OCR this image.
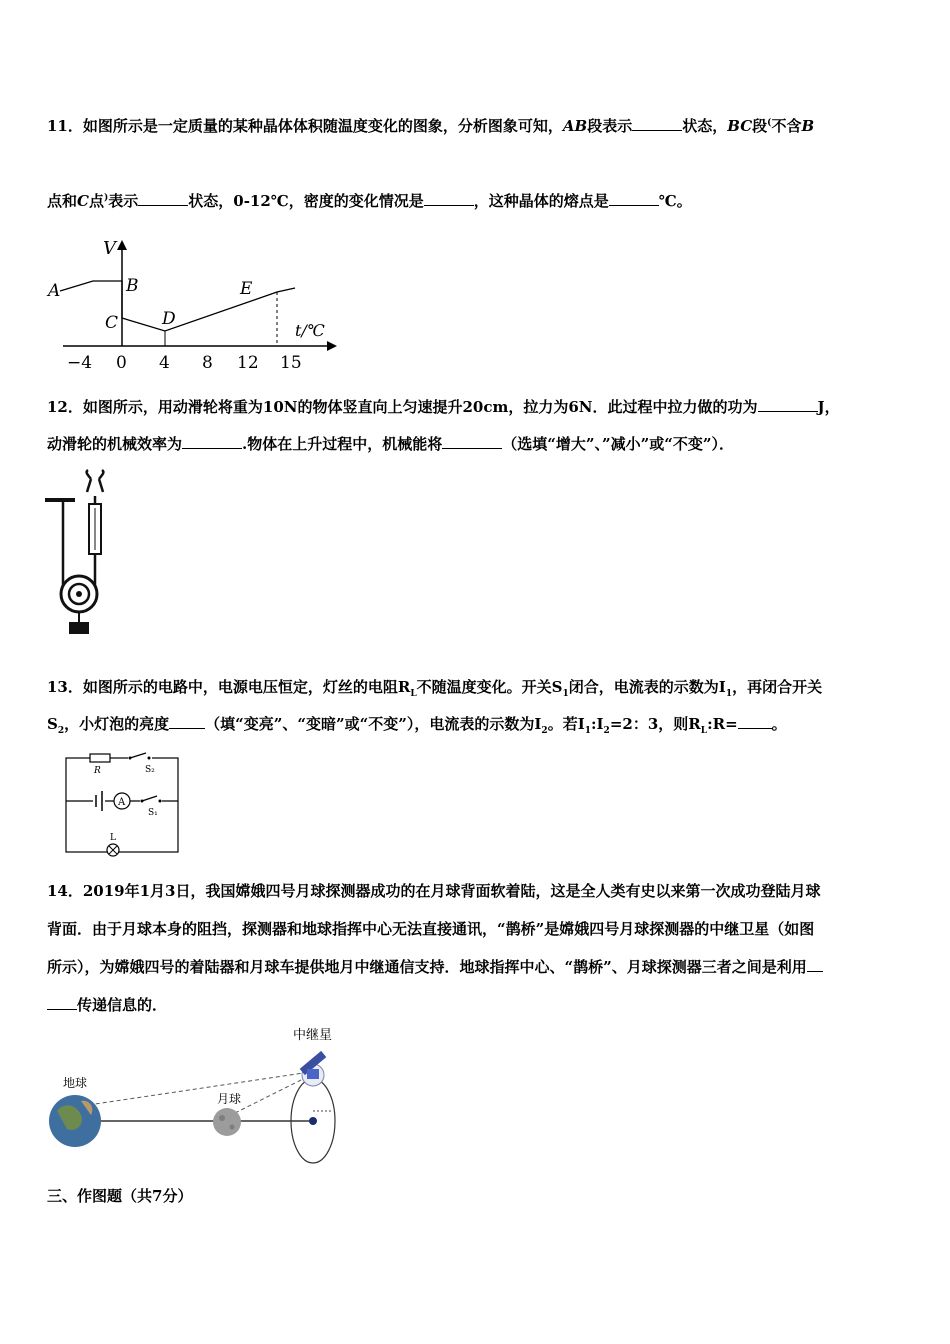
11．如图所示是一定质量的某种晶体体积随温度变化的图象，分析图象可知，AB段表示	状态，BC段(不含B
点和C点)表示	状态，0-12℃，密度的变化情况是	，这种晶体的熔点是	℃。
V
t/℃
A	B
C	D
E
−4 0 4 8 12 15
12．如图所示，用动滑轮将重为10N的物体竖直向上匀速提升20cm，拉力为6N．此过程中拉力做的功为	J，
动滑轮的机械效率为	.物体在上升过程中，机械能将	（选填“增大”、”减小”或“不变”）．
13．如图所示的电路中，电源电压恒定，灯丝的电阻$R_L$不随温度变化。开关$S_1$闭合，电流表的示数为$I_1$，再闭合开关
$S_2$，小灯泡的亮度 （填“变亮”、“变暗”或“不变”），电流表的示数为$I_2$。若$I_1:I_2=2$：3，则$R_L:R=$ 。
A
R	S₂
S₁
L
14．2019年1月3日，我国嫦娥四号月球探测器成功的在月球背面软着陆，这是全人类有史以来第一次成功登陆月球
背面．由于月球本身的阻挡，探测器和地球指挥中心无法直接通讯，“鹊桥”是嫦娥四号月球探测器的中继卫星（如图
所示），为嫦娥四号的着陆器和月球车提供地月中继通信支持．地球指挥中心、“鹊桥”、月球探测器三者之间是利用
传递信息的．
中继星
地球
月球
三、作图题（共7分）
